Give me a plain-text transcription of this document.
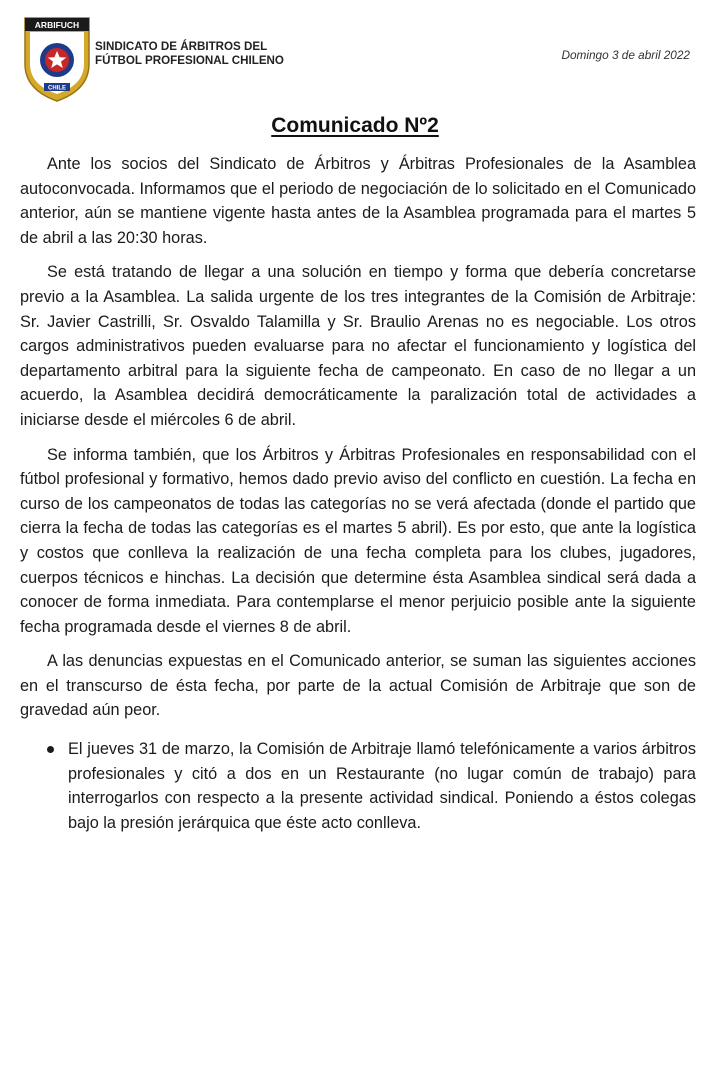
ARBIFUCH
CHILE
SINDICATO DE ÁRBITROS DEL
FÚTBOL PROFESIONAL CHILENO	Domingo 3 de abril 2022
Comunicado Nº2

Ante los socios del Sindicato de Árbitros y Árbitras Profesionales de la Asamblea autoconvocada. Informamos que el periodo de negociación de lo solicitado en el Comunicado anterior, aún se mantiene vigente hasta antes de la Asamblea programada para el martes 5 de abril a las 20:30 horas.

Se está tratando de llegar a una solución en tiempo y forma que debería concretarse previo a la Asamblea. La salida urgente de los tres integrantes de la Comisión de Arbitraje: Sr. Javier Castrilli, Sr. Osvaldo Talamilla y Sr. Braulio Arenas no es negociable. Los otros cargos administrativos pueden evaluarse para no afectar el funcionamiento y logística del departamento arbitral para la siguiente fecha de campeonato. En caso de no llegar a un acuerdo, la Asamblea decidirá democráticamente la paralización total de actividades a iniciarse desde el miércoles 6 de abril.

Se informa también, que los Árbitros y Árbitras Profesionales en responsabilidad con el fútbol profesional y formativo, hemos dado previo aviso del conflicto en cuestión. La fecha en curso de los campeonatos de todas las categorías no se verá afectada (donde el partido que cierra la fecha de todas las categorías es el martes 5 abril). Es por esto, que ante la logística y costos que conlleva la realización de una fecha completa para los clubes, jugadores, cuerpos técnicos e hinchas. La decisión que determine ésta Asamblea sindical será dada a conocer de forma inmediata. Para contemplarse el menor perjuicio posible ante la siguiente fecha programada desde el viernes 8 de abril.

A las denuncias expuestas en el Comunicado anterior, se suman las siguientes acciones en el transcurso de ésta fecha, por parte de la actual Comisión de Arbitraje que son de gravedad aún peor.

El jueves 31 de marzo, la Comisión de Arbitraje llamó telefónicamente a varios árbitros profesionales y citó a dos en un Restaurante (no lugar común de trabajo) para interrogarlos con respecto a la presente actividad sindical. Poniendo a éstos colegas bajo la presión jerárquica que éste acto conlleva.
